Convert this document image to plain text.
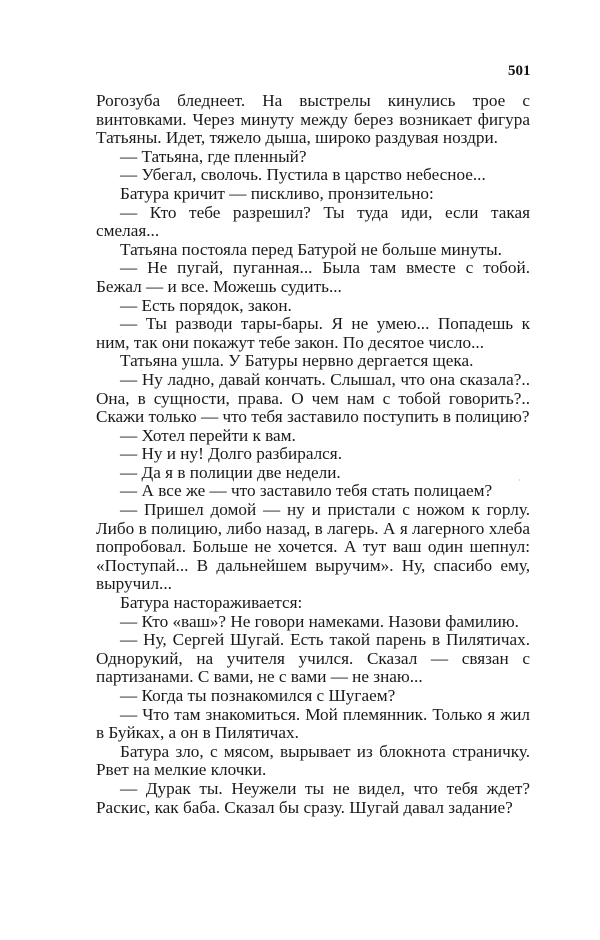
501

Рогозуба бледнеет. На выстрелы кинулись трое с винтовками. Через минуту между берез возникает фигура Татьяны. Идет, тяжело дыша, широко раздувая ноздри.

— Татьяна, где пленный?

— Убегал, сволочь. Пустила в царство небесное...

Батура кричит — пискливо, пронзительно:

— Кто тебе разрешил? Ты туда иди, если такая смелая...

Татьяна постояла перед Батурой не больше минуты.

— Не пугай, пуганная... Была там вместе с тобой. Бежал — и все. Можешь судить...

— Есть порядок, закон.

— Ты разводи тары-бары. Я не умею... Попадешь к ним, так они покажут тебе закон. По десятое число...

Татьяна ушла. У Батуры нервно дергается щека.

— Ну ладно, давай кончать. Слышал, что она сказала?.. Она, в сущности, права. О чем нам с тобой говорить?.. Скажи только — что тебя заставило поступить в полицию?

— Хотел перейти к вам.

— Ну и ну! Долго разбирался.

— Да я в полиции две недели.

— А все же — что заставило тебя стать полицаем?

— Пришел домой — ну и пристали с ножом к горлу. Либо в полицию, либо назад, в лагерь. А я лагерного хлеба попробовал. Больше не хочется. А тут ваш один шепнул: «Поступай... В дальнейшем выручим». Ну, спасибо ему, выручил...

Батура настораживается:

— Кто «ваш»? Не говори намеками. Назови фамилию.

— Ну, Сергей Шугай. Есть такой парень в Пилятичах. Однорукий, на учителя учился. Сказал — связан с партизанами. С вами, не с вами — не знаю...

— Когда ты познакомился с Шугаем?

— Что там знакомиться. Мой племянник. Только я жил в Буйках, а он в Пилятичах.

Батура зло, с мясом, вырывает из блокнота страничку. Рвет на мелкие клочки.

— Дурак ты. Неужели ты не видел, что тебя ждет? Раскис, как баба. Сказал бы сразу. Шугай давал задание?

·
